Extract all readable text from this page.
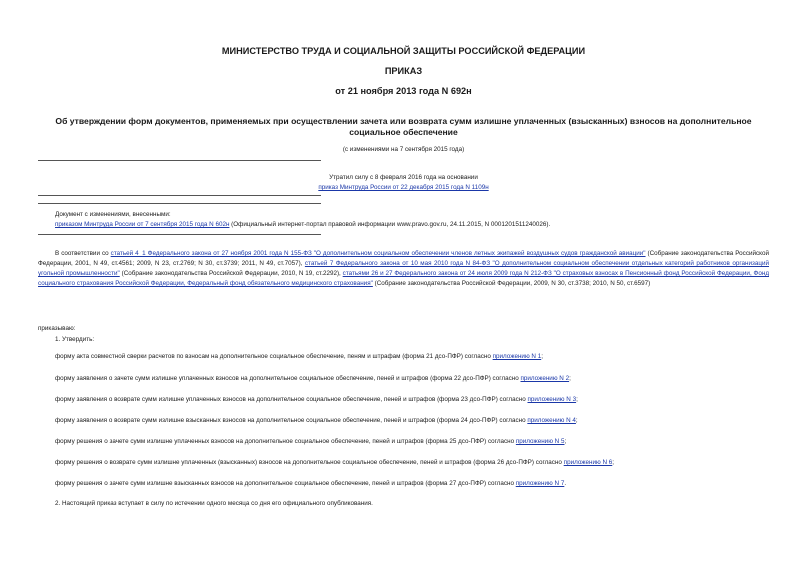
МИНИСТЕРСТВО ТРУДА И СОЦИАЛЬНОЙ ЗАЩИТЫ РОССИЙСКОЙ ФЕДЕРАЦИИ
ПРИКАЗ
от 21 ноября 2013 года N 692н
Об утверждении форм документов, применяемых при осуществлении зачета или возврата сумм излишне уплаченных (взысканных) взносов на дополнительное
социальное обеспечение
(с изменениями на 7 сентября 2015 года)
Утратил силу с 8 февраля 2016 года на основании
приказ Минтруда России от 22 декабря 2015 года N 1109н
Документ с изменениями, внесенными:
приказом Минтруда России от 7 сентября 2015 года N 602н (Официальный интернет-портал правовой информации www.pravo.gov.ru, 24.11.2015, N 0001201511240026).
В соответствии со статьей 4_1 Федерального закона от 27 ноября 2001 года N 155-ФЗ "О дополнительном социальном обеспечении членов летных экипажей воздушных судов гражданской авиации" (Собрание законодательства Российской Федерации, 2001, N 49, ст.4561; 2009, N 23, ст.2769; N 30, ст.3739; 2011, N 49, ст.7057), статьей 7 Федерального закона от 10 мая 2010 года N 84-ФЗ "О дополнительном социальном обеспечении отдельных категорий работников организаций угольной промышленности" (Собрание законодательства Российской Федерации, 2010, N 19, ст.2292), статьями 26 и 27 Федерального закона от 24 июля 2009 года N 212-ФЗ "О страховых взносах в Пенсионный фонд Российской Федерации, Фонд социального страхования Российской Федерации, Федеральный фонд обязательного медицинского страхования" (Собрание законодательства Российской Федерации, 2009, N 30, ст.3738; 2010, N 50, ст.6597)
приказываю:
1. Утвердить:
форму акта совместной сверки расчетов по взносам на дополнительное социальное обеспечение, пеням и штрафам (форма 21 дсо-ПФР) согласно приложению N 1;
форму заявления о зачете сумм излишне уплаченных взносов на дополнительное социальное обеспечение, пеней и штрафов (форма 22 дсо-ПФР) согласно приложению N 2;
форму заявления о возврате сумм излишне уплаченных взносов на дополнительное социальное обеспечение, пеней и штрафов (форма 23 дсо-ПФР) согласно приложению N 3;
форму заявления о возврате сумм излишне взысканных взносов на дополнительное социальное обеспечение, пеней и штрафов (форма 24 дсо-ПФР) согласно приложению N 4;
форму решения о зачете сумм излишне уплаченных взносов на дополнительное социальное обеспечение, пеней и штрафов (форма 25 дсо-ПФР) согласно приложению N 5;
форму решения о возврате сумм излишне уплаченных (взысканных) взносов на дополнительное социальное обеспечение, пеней и штрафов (форма 26 дсо-ПФР) согласно приложению N 6;
форму решения о зачете сумм излишне взысканных взносов на дополнительное социальное обеспечение, пеней и штрафов (форма 27 дсо-ПФР) согласно приложению N 7.
2. Настоящий приказ вступает в силу по истечении одного месяца со дня его официального опубликования.
